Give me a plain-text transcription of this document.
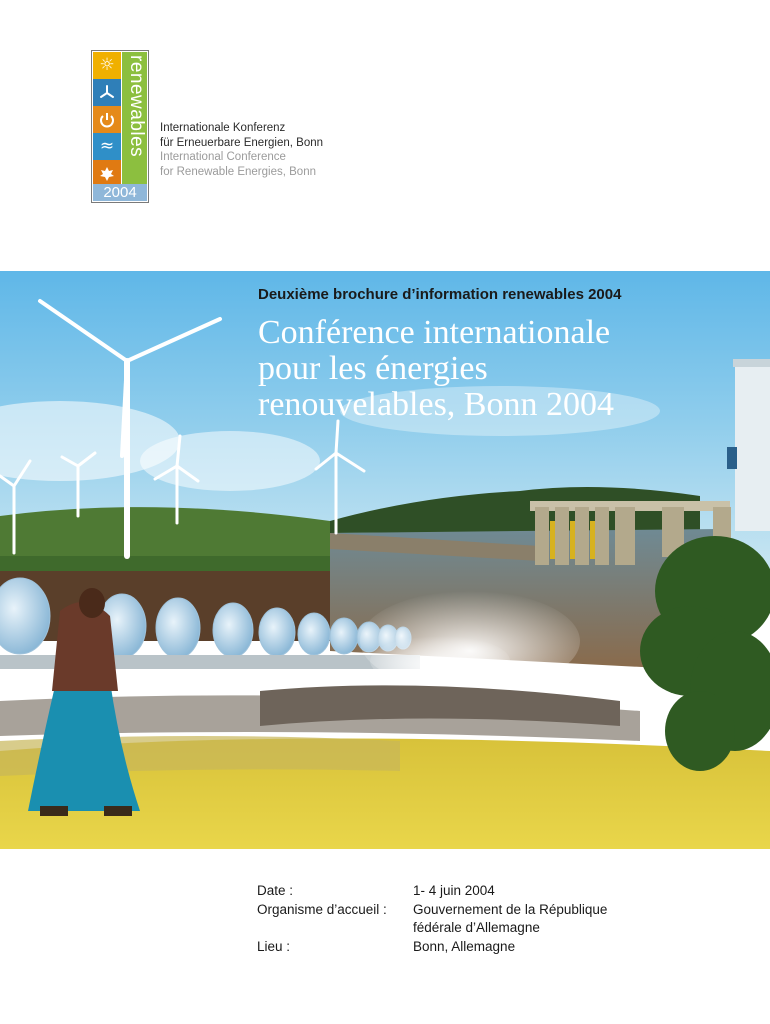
☼
≈ renewables
2004
Internationale Konferenz
für Erneuerbare Energien, Bonn
International Conference
for Renewable Energies, Bonn
Deuxième brochure d’information renewables 2004
Conférence internationale
pour les énergies
renouvelables, Bonn 2004
Date :	1- 4 juin 2004
Organisme d’accueil :	Gouvernement de la République
fédérale d’Allemagne
Lieu :	Bonn, Allemagne
